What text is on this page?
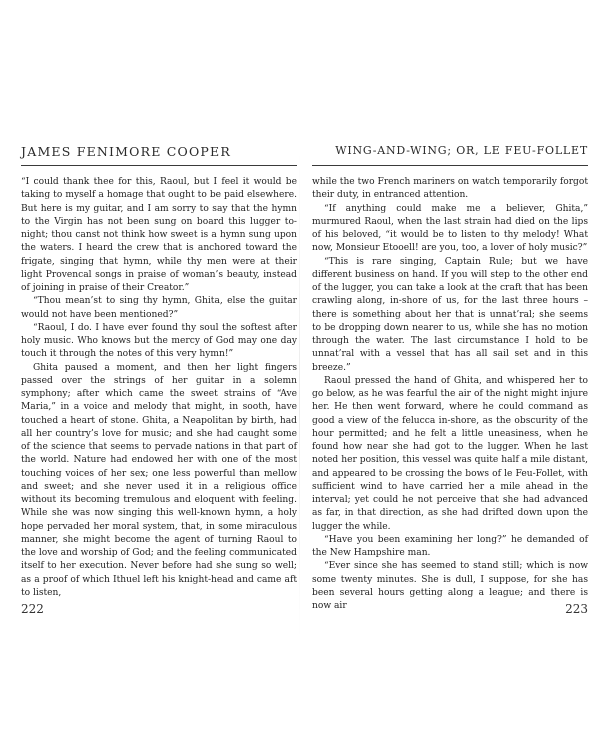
JAMES FENIMORE COOPER

“I could thank thee for this, Raoul, but I feel it would be taking to myself a homage that ought to be paid elsewhere. But here is my guitar, and I am sorry to say that the hymn to the Virgin has not been sung on board this lugger to-night; thou canst not think how sweet is a hymn sung upon the waters. I heard the crew that is anchored toward the frigate, singing that hymn, while thy men were at their light Provencal songs in praise of woman’s beauty, instead of joining in praise of their Creator.”

“Thou mean’st to sing thy hymn, Ghita, else the guitar would not have been mentioned?”

“Raoul, I do. I have ever found thy soul the softest after holy music. Who knows but the mercy of God may one day touch it through the notes of this very hymn!”

Ghita paused a moment, and then her light fingers passed over the strings of her guitar in a solemn symphony; after which came the sweet strains of “Ave Maria,” in a voice and melody that might, in sooth, have touched a heart of stone. Ghita, a Neapolitan by birth, had all her country’s love for music; and she had caught some of the science that seems to pervade nations in that part of the world. Nature had endowed her with one of the most touching voices of her sex; one less powerful than mellow and sweet; and she never used it in a religious office without its becoming tremulous and eloquent with feeling. While she was now singing this well-known hymn, a holy hope pervaded her moral system, that, in some miraculous manner, she might become the agent of turning Raoul to the love and worship of God; and the feeling communicated itself to her execution. Never before had she sung so well; as a proof of which Ithuel left his knight-head and came aft to listen,

222
WING-AND-WING; OR, LE FEU-FOLLET

while the two French mariners on watch temporarily forgot their duty, in entranced attention.

“If anything could make me a believer, Ghita,” murmured Raoul, when the last strain had died on the lips of his beloved, “it would be to listen to thy melody! What now, Monsieur Etooell! are you, too, a lover of holy music?”

“This is rare singing, Captain Rule; but we have different business on hand. If you will step to the other end of the lugger, you can take a look at the craft that has been crawling along, in-shore of us, for the last three hours – there is something about her that is unnat’ral; she seems to be dropping down nearer to us, while she has no motion through the water. The last circumstance I hold to be unnat’ral with a vessel that has all sail set and in this breeze.”

Raoul pressed the hand of Ghita, and whispered her to go below, as he was fearful the air of the night might injure her. He then went forward, where he could command as good a view of the felucca in-shore, as the obscurity of the hour permitted; and he felt a little uneasiness, when he found how near she had got to the lugger. When he last noted her position, this vessel was quite half a mile distant, and appeared to be crossing the bows of le Feu-Follet, with sufficient wind to have carried her a mile ahead in the interval; yet could he not perceive that she had advanced as far, in that direction, as she had drifted down upon the lugger the while.

“Have you been examining her long?” he demanded of the New Hampshire man.

“Ever since she has seemed to stand still; which is now some twenty minutes. She is dull, I suppose, for she has been several hours getting along a league; and there is now air	223
